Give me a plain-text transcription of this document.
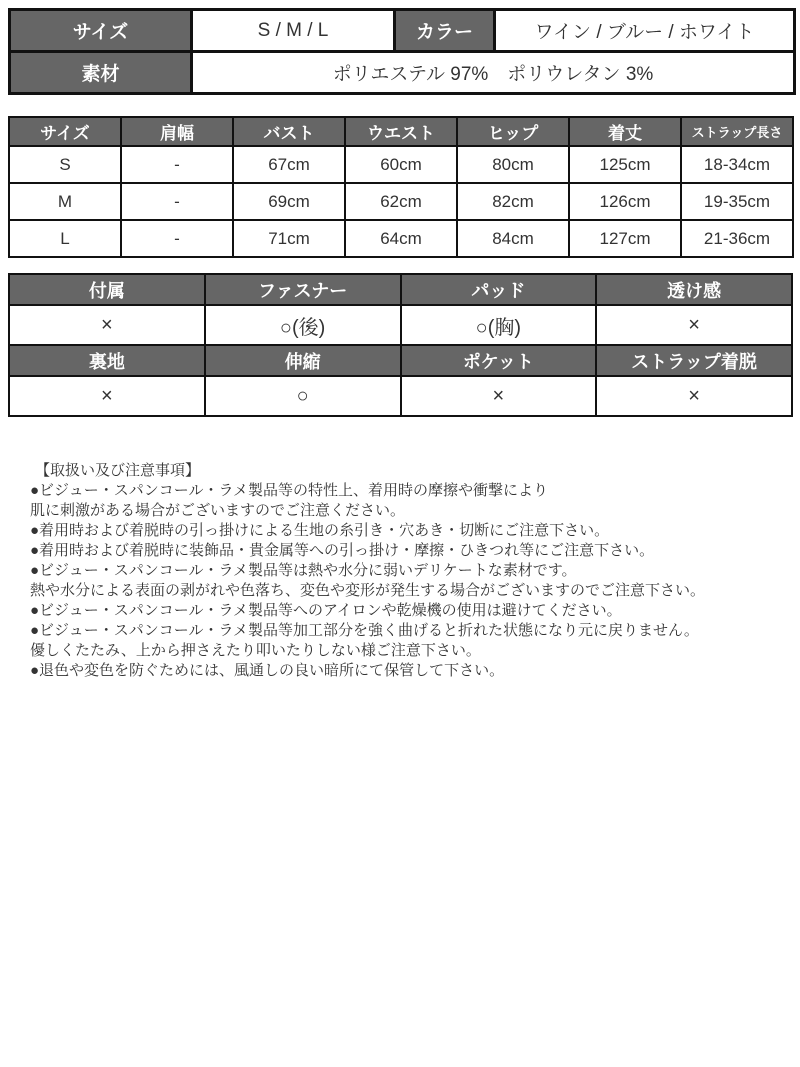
サイズ	S / M / L	カラー	ワイン / ブルー / ホワイト
素材	ポリエステル 97%　ポリウレタン 3%		
サイズ	肩幅	バスト	ウエスト	ヒップ	着丈	ストラップ長さ
S	-	67cm	60cm	80cm	125cm	18-34cm
M	-	69cm	62cm	82cm	126cm	19-35cm
L	-	71cm	64cm	84cm	127cm	21-36cm
付属	ファスナー	パッド	透け感
×	○(後)	○(胸)	×
裏地	伸縮	ポケット	ストラップ着脱
×	○	×	×
【取扱い及び注意事項】
●ビジュー・スパンコール・ラメ製品等の特性上、着用時の摩擦や衝撃により
肌に刺激がある場合がございますのでご注意ください。
●着用時および着脱時の引っ掛けによる生地の糸引き・穴あき・切断にご注意下さい。
●着用時および着脱時に装飾品・貴金属等への引っ掛け・摩擦・ひきつれ等にご注意下さい。
●ビジュー・スパンコール・ラメ製品等は熱や水分に弱いデリケートな素材です。
熱や水分による表面の剥がれや色落ち、変色や変形が発生する場合がございますのでご注意下さい。
●ビジュー・スパンコール・ラメ製品等へのアイロンや乾燥機の使用は避けてください。
●ビジュー・スパンコール・ラメ製品等加工部分を強く曲げると折れた状態になり元に戻りません。
優しくたたみ、上から押さえたり叩いたりしない様ご注意下さい。
●退色や変色を防ぐためには、風通しの良い暗所にて保管して下さい。
